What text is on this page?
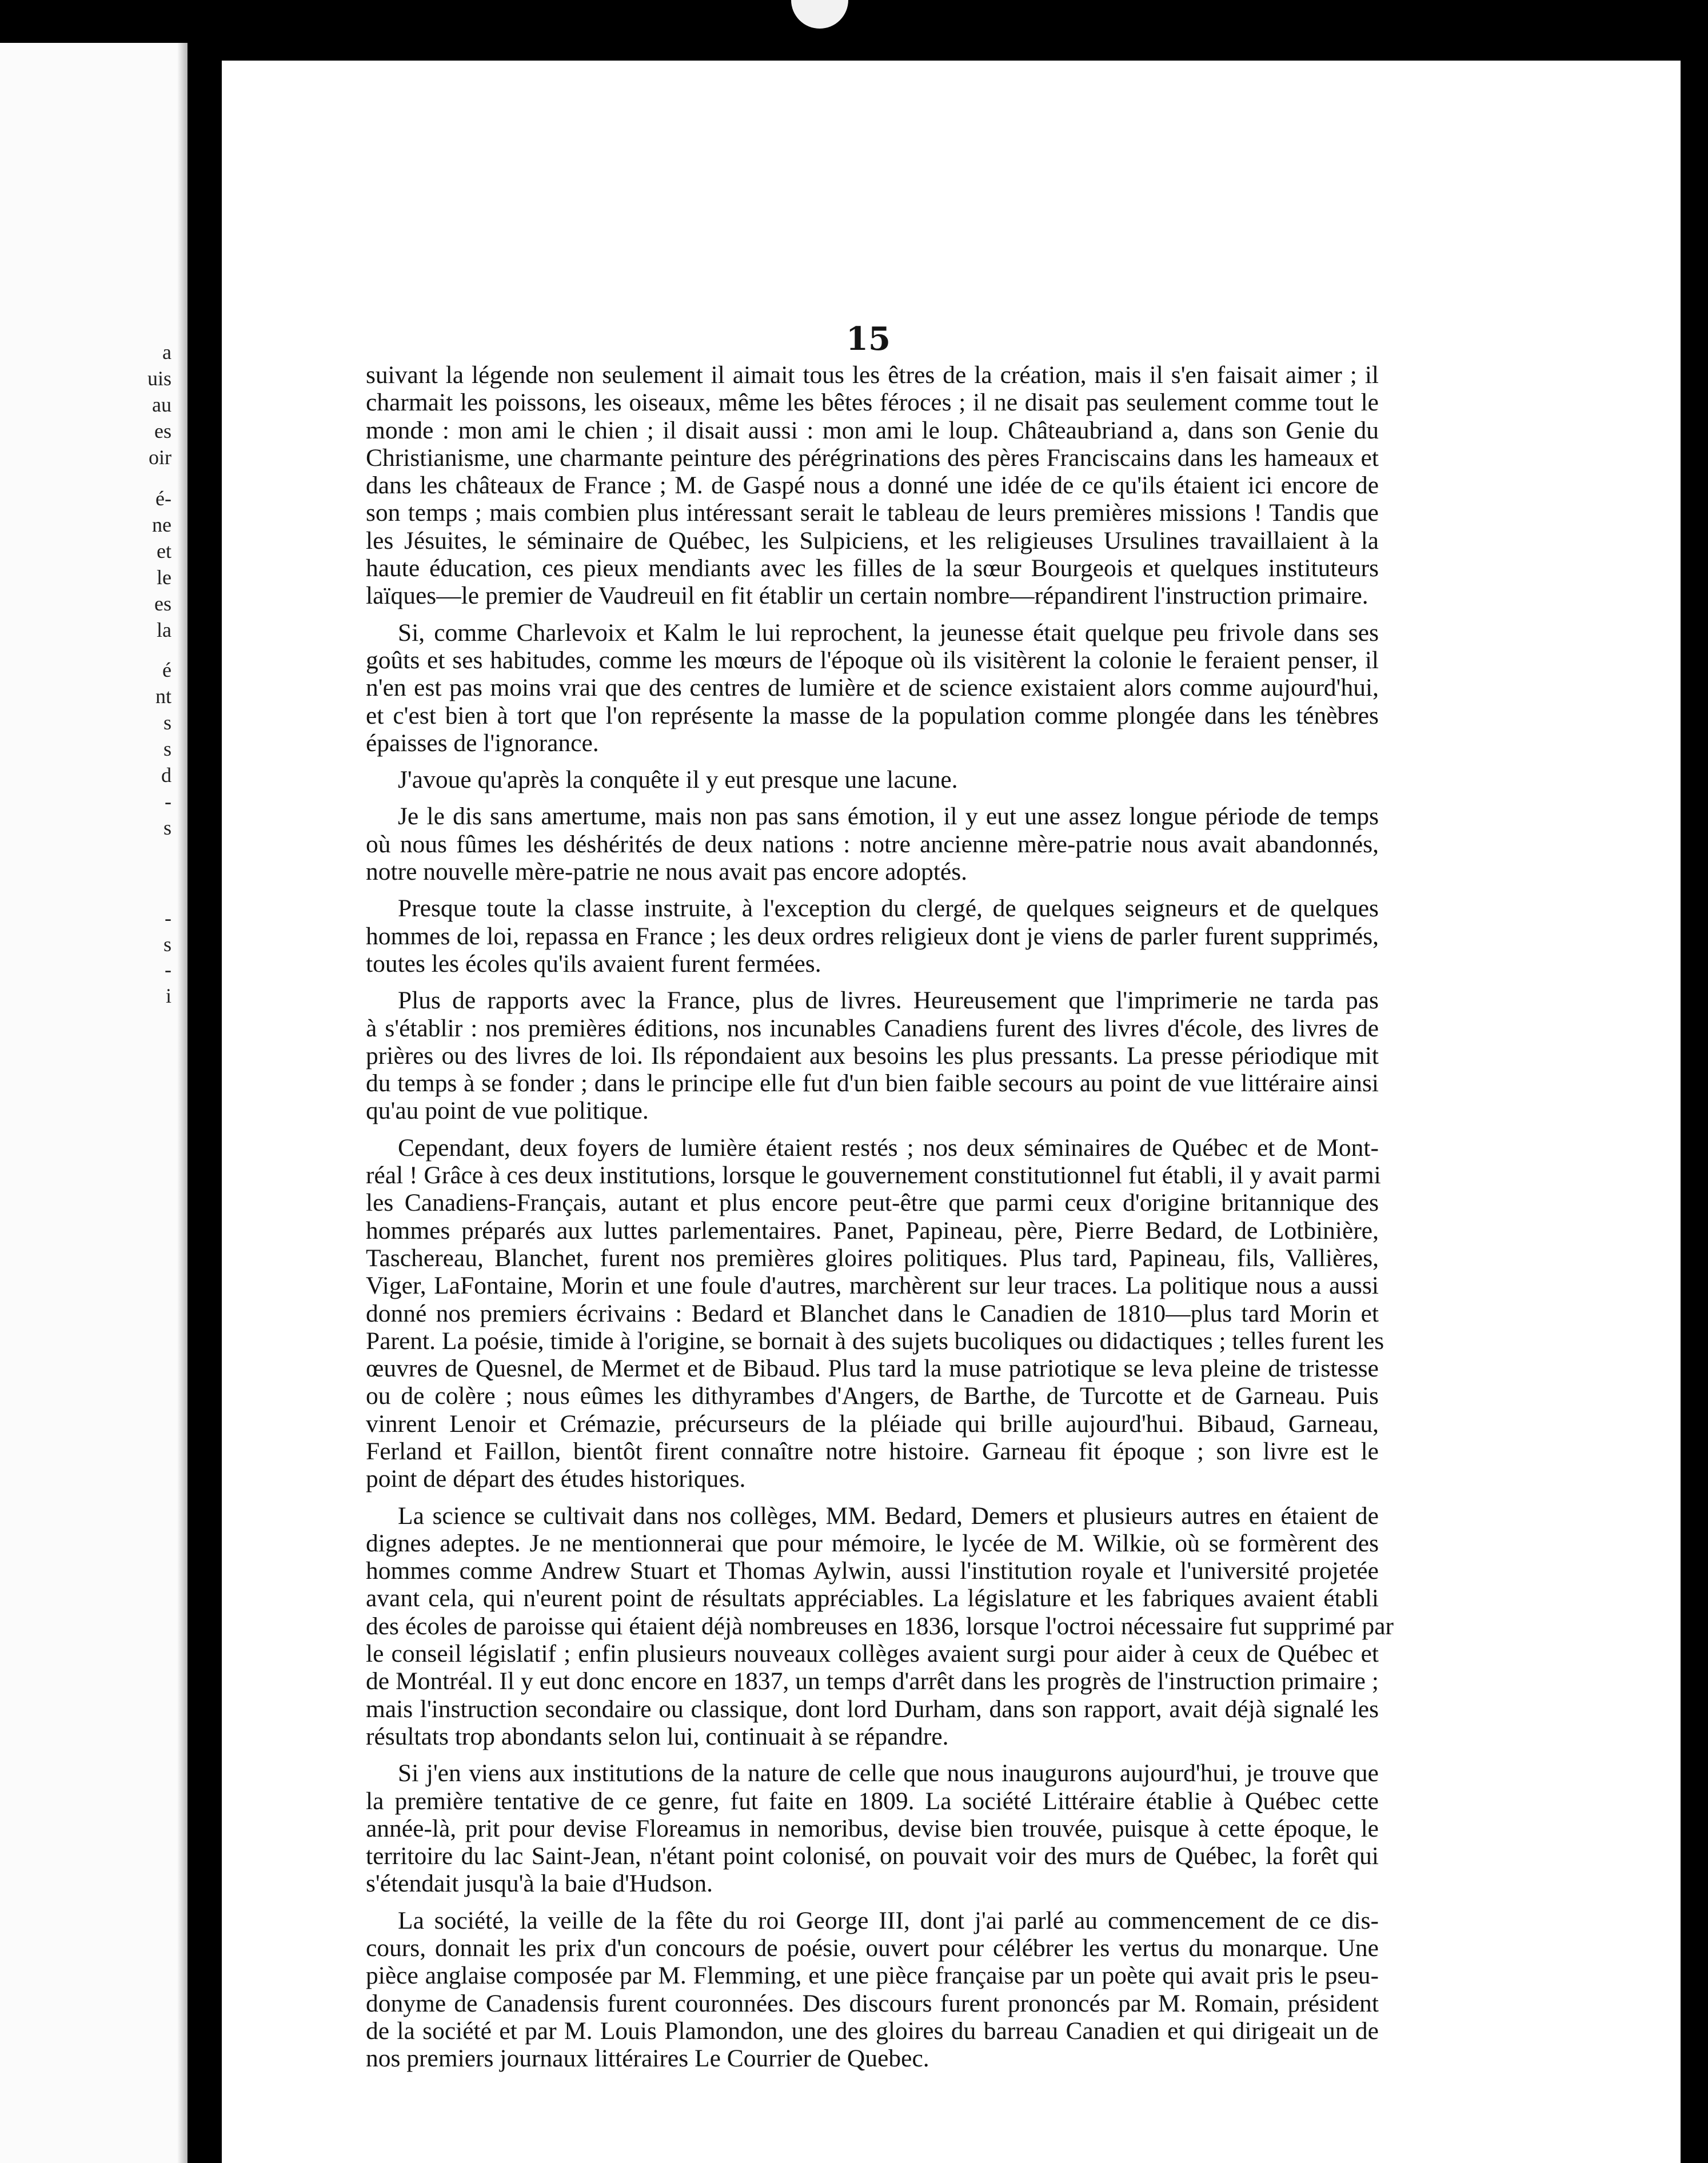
a
uis
au
es
oir
é-
ne
et
le
es
la
é
nt
s
s
d
-
s
-
s
-
i
15
suivant la légende non seulement il aimait tous les êtres de la création, mais il s'en faisait aimer ; il
charmait les poissons, les oiseaux, même les bêtes féroces ; il ne disait pas seulement comme tout le
monde : mon ami le chien ; il disait aussi : mon ami le loup. Châteaubriand a, dans son Genie du
Christianisme, une charmante peinture des pérégrinations des pères Franciscains dans les hameaux et
dans les châteaux de France ; M. de Gaspé nous a donné une idée de ce qu'ils étaient ici encore de
son temps ; mais combien plus intéressant serait le tableau de leurs premières missions ! Tandis que
les Jésuites, le séminaire de Québec, les Sulpiciens, et les religieuses Ursulines travaillaient à la
haute éducation, ces pieux mendiants avec les filles de la sœur Bourgeois et quelques instituteurs
laïques—le premier de Vaudreuil en fit établir un certain nombre—répandirent l'instruction primaire.
Si, comme Charlevoix et Kalm le lui reprochent, la jeunesse était quelque peu frivole dans ses
goûts et ses habitudes, comme les mœurs de l'époque où ils visitèrent la colonie le feraient penser, il
n'en est pas moins vrai que des centres de lumière et de science existaient alors comme aujourd'hui,
et c'est bien à tort que l'on représente la masse de la population comme plongée dans les ténèbres
épaisses de l'ignorance.
J'avoue qu'après la conquête il y eut presque une lacune.
Je le dis sans amertume, mais non pas sans émotion, il y eut une assez longue période de temps
où nous fûmes les déshérités de deux nations : notre ancienne mère-patrie nous avait abandonnés,
notre nouvelle mère-patrie ne nous avait pas encore adoptés.
Presque toute la classe instruite, à l'exception du clergé, de quelques seigneurs et de quelques
hommes de loi, repassa en France ; les deux ordres religieux dont je viens de parler furent supprimés,
toutes les écoles qu'ils avaient furent fermées.
Plus de rapports avec la France, plus de livres. Heureusement que l'imprimerie ne tarda pas
à s'établir : nos premières éditions, nos incunables Canadiens furent des livres d'école, des livres de
prières ou des livres de loi. Ils répondaient aux besoins les plus pressants. La presse périodique mit
du temps à se fonder ; dans le principe elle fut d'un bien faible secours au point de vue littéraire ainsi
qu'au point de vue politique.
Cependant, deux foyers de lumière étaient restés ; nos deux séminaires de Québec et de Mont-
réal ! Grâce à ces deux institutions, lorsque le gouvernement constitutionnel fut établi, il y avait parmi
les Canadiens-Français, autant et plus encore peut-être que parmi ceux d'origine britannique des
hommes préparés aux luttes parlementaires. Panet, Papineau, père, Pierre Bedard, de Lotbinière,
Taschereau, Blanchet, furent nos premières gloires politiques. Plus tard, Papineau, fils, Vallières,
Viger, LaFontaine, Morin et une foule d'autres, marchèrent sur leur traces. La politique nous a aussi
donné nos premiers écrivains : Bedard et Blanchet dans le Canadien de 1810—plus tard Morin et
Parent. La poésie, timide à l'origine, se bornait à des sujets bucoliques ou didactiques ; telles furent les
œuvres de Quesnel, de Mermet et de Bibaud. Plus tard la muse patriotique se leva pleine de tristesse
ou de colère ; nous eûmes les dithyrambes d'Angers, de Barthe, de Turcotte et de Garneau. Puis
vinrent Lenoir et Crémazie, précurseurs de la pléiade qui brille aujourd'hui. Bibaud, Garneau,
Ferland et Faillon, bientôt firent connaître notre histoire. Garneau fit époque ; son livre est le
point de départ des études historiques.
La science se cultivait dans nos collèges, MM. Bedard, Demers et plusieurs autres en étaient de
dignes adeptes. Je ne mentionnerai que pour mémoire, le lycée de M. Wilkie, où se formèrent des
hommes comme Andrew Stuart et Thomas Aylwin, aussi l'institution royale et l'université projetée
avant cela, qui n'eurent point de résultats appréciables. La législature et les fabriques avaient établi
des écoles de paroisse qui étaient déjà nombreuses en 1836, lorsque l'octroi nécessaire fut supprimé par
le conseil législatif ; enfin plusieurs nouveaux collèges avaient surgi pour aider à ceux de Québec et
de Montréal. Il y eut donc encore en 1837, un temps d'arrêt dans les progrès de l'instruction primaire ;
mais l'instruction secondaire ou classique, dont lord Durham, dans son rapport, avait déjà signalé les
résultats trop abondants selon lui, continuait à se répandre.
Si j'en viens aux institutions de la nature de celle que nous inaugurons aujourd'hui, je trouve que
la première tentative de ce genre, fut faite en 1809. La société Littéraire établie à Québec cette
année-là, prit pour devise Floreamus in nemoribus, devise bien trouvée, puisque à cette époque, le
territoire du lac Saint-Jean, n'étant point colonisé, on pouvait voir des murs de Québec, la forêt qui
s'étendait jusqu'à la baie d'Hudson.
La société, la veille de la fête du roi George III, dont j'ai parlé au commencement de ce dis-
cours, donnait les prix d'un concours de poésie, ouvert pour célébrer les vertus du monarque. Une
pièce anglaise composée par M. Flemming, et une pièce française par un poète qui avait pris le pseu-
donyme de Canadensis furent couronnées. Des discours furent prononcés par M. Romain, président
de la société et par M. Louis Plamondon, une des gloires du barreau Canadien et qui dirigeait un de
nos premiers journaux littéraires Le Courrier de Quebec.
